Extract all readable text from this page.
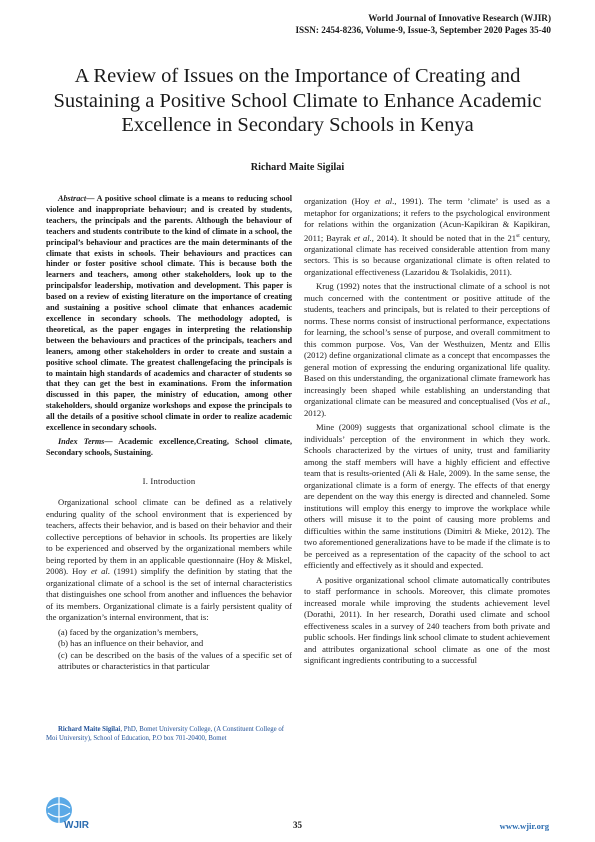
World Journal of Innovative Research (WJIR)
ISSN: 2454-8236, Volume-9, Issue-3, September 2020 Pages 35-40
A Review of Issues on the Importance of Creating and Sustaining a Positive School Climate to Enhance Academic Excellence in Secondary Schools in Kenya
Richard Maite Sigilai

Abstract— A positive school climate is a means to reducing school violence and inappropriate behaviour; and is created by students, teachers, the principals and the parents. Although the behaviour of teachers and students contribute to the kind of climate in a school, the principal’s behaviour and practices are the main determinants of the climate that exists in schools. Their behaviours and practices can hinder or foster positive school climate. This is because both the learners and teachers, among other stakeholders, look up to the principalsfor leadership, motivation and development. This paper is based on a review of existing literature on the importance of creating and sustaining a positive school climate that enhances academic excellence in secondary schools. The methodology adopted, is theoretical, as the paper engages in interpreting the relationship between the behaviours and practices of the principals, teachers and leaners, among other stakeholders in order to create and sustain a positive school climate. The greatest challengefacing the principals is to maintain high standards of academics and character of students so that they can get the best in examinations. From the information discussed in this paper, the ministry of education, among other stakeholders, should organize workshops and expose the principals to all the details of a positive school climate in order to realize academic excellence in secondary schools.

Index Terms— Academic excellence,Creating, School climate, Secondary schools, Sustaining.

I. Introduction

Organizational school climate can be defined as a relatively enduring quality of the school environment that is experienced by teachers, affects their behavior, and is based on their behavior and their collective perceptions of behavior in schools. Its properties are likely to be experienced and observed by the organizational members while being reported by them in an applicable questionnaire (Hoy & Miskel, 2008). Hoy et al. (1991) simplify the definition by stating that the organizational climate of a school is the set of internal characteristics that distinguishes one school from another and influences the behavior of its members. Organizational climate is a fairly persistent quality of the organization’s internal environment, that is:

(a) faced by the organization’s members,
(b) has an influence on their behavior, and
(c) can be described on the basis of the values of a specific set of attributes or characteristics in that particular
Richard Maite Sigilai, PhD, Bomet University College, (A Constituent College of Moi University), School of Education, P.O box 701-20400, Bomet

organization (Hoy et al., 1991). The term ’climate’ is used as a metaphor for organizations; it refers to the psychological environment for relations within the organization (Acun-Kapikiran & Kapikiran, 2011; Bayrak et al., 2014). It should be noted that in the 21st century, organizational climate has received considerable attention from many sectors. This is so because organizational climate is often related to organizational effectiveness (Lazaridou & Tsolakidis, 2011).

Krug (1992) notes that the instructional climate of a school is not much concerned with the contentment or positive attitude of the students, teachers and principals, but is related to their perceptions of norms. These norms consist of instructional performance, expectations for learning, the school’s sense of purpose, and overall commitment to this common purpose. Vos, Van der Westhuizen, Mentz and Ellis (2012) define organizational climate as a concept that encompasses the general motion of expressing the enduring organizational life quality. Based on this understanding, the organizational climate framework has increasingly been shaped while establishing an understanding that organizational climate can be measured and conceptualised (Vos et al., 2012).

Mine (2009) suggests that organizational school climate is the individuals’ perception of the environment in which they work. Schools characterized by the virtues of unity, trust and familiarity among the staff members will have a highly efficient and effective team that is results-oriented (Ali & Hale, 2009). In the same sense, the organizational climate is a form of energy. The effects of that energy are dependent on the way this energy is directed and channeled. Some institutions will employ this energy to improve the workplace while others will misuse it to the point of causing more problems and difficulties within the same institutions (Dimitri & Mieke, 2012). The two aforementioned generalizations have to be made if the climate is to be perceived as a representation of the capacity of the school to act efficiently and effectively as it should and expected.

A positive organizational school climate automatically contributes to staff performance in schools. Moreover, this climate promotes increased morale while improving the students achievement level (Dorathi, 2011). In her research, Dorathi used climate and school effectiveness scales in a survey of 240 teachers from both private and public schools. Her findings link school climate to student achievement and attributes organizational school climate as one of the most significant ingredients contributing to a successful

WJIR	35	www.wjir.org
